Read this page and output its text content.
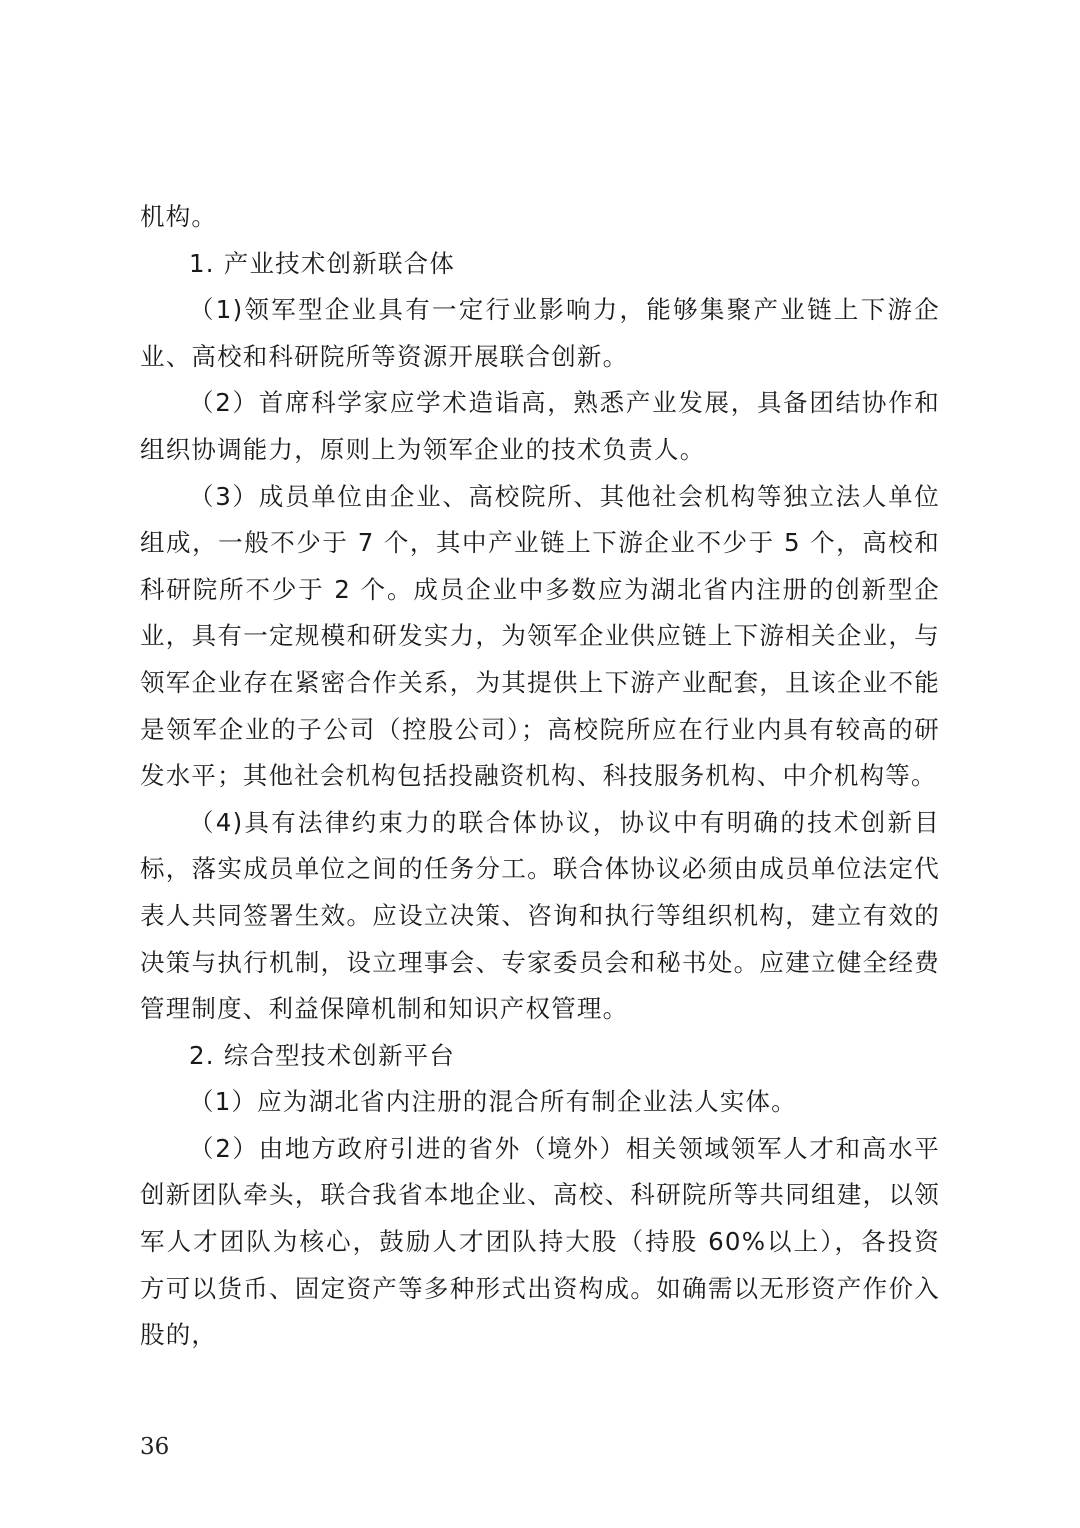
机构。

1. 产业技术创新联合体

（1)领军型企业具有一定行业影响力，能够集聚产业链上下游企业、高校和科研院所等资源开展联合创新。

（2）首席科学家应学术造诣高，熟悉产业发展，具备团结协作和组织协调能力，原则上为领军企业的技术负责人。

（3）成员单位由企业、高校院所、其他社会机构等独立法人单位组成，一般不少于 7 个，其中产业链上下游企业不少于 5 个，高校和科研院所不少于 2 个。成员企业中多数应为湖北省内注册的创新型企业，具有一定规模和研发实力，为领军企业供应链上下游相关企业，与领军企业存在紧密合作关系，为其提供上下游产业配套，且该企业不能是领军企业的子公司（控股公司）；高校院所应在行业内具有较高的研发水平；其他社会机构包括投融资机构、科技服务机构、中介机构等。

（4)具有法律约束力的联合体协议，协议中有明确的技术创新目标，落实成员单位之间的任务分工。联合体协议必须由成员单位法定代表人共同签署生效。应设立决策、咨询和执行等组织机构，建立有效的决策与执行机制，设立理事会、专家委员会和秘书处。应建立健全经费管理制度、利益保障机制和知识产权管理。

2. 综合型技术创新平台

（1）应为湖北省内注册的混合所有制企业法人实体。

（2）由地方政府引进的省外（境外）相关领域领军人才和高水平创新团队牵头，联合我省本地企业、高校、科研院所等共同组建，以领军人才团队为核心，鼓励人才团队持大股（持股 60%以上），各投资方可以货币、固定资产等多种形式出资构成。如确需以无形资产作价入股的，

36
